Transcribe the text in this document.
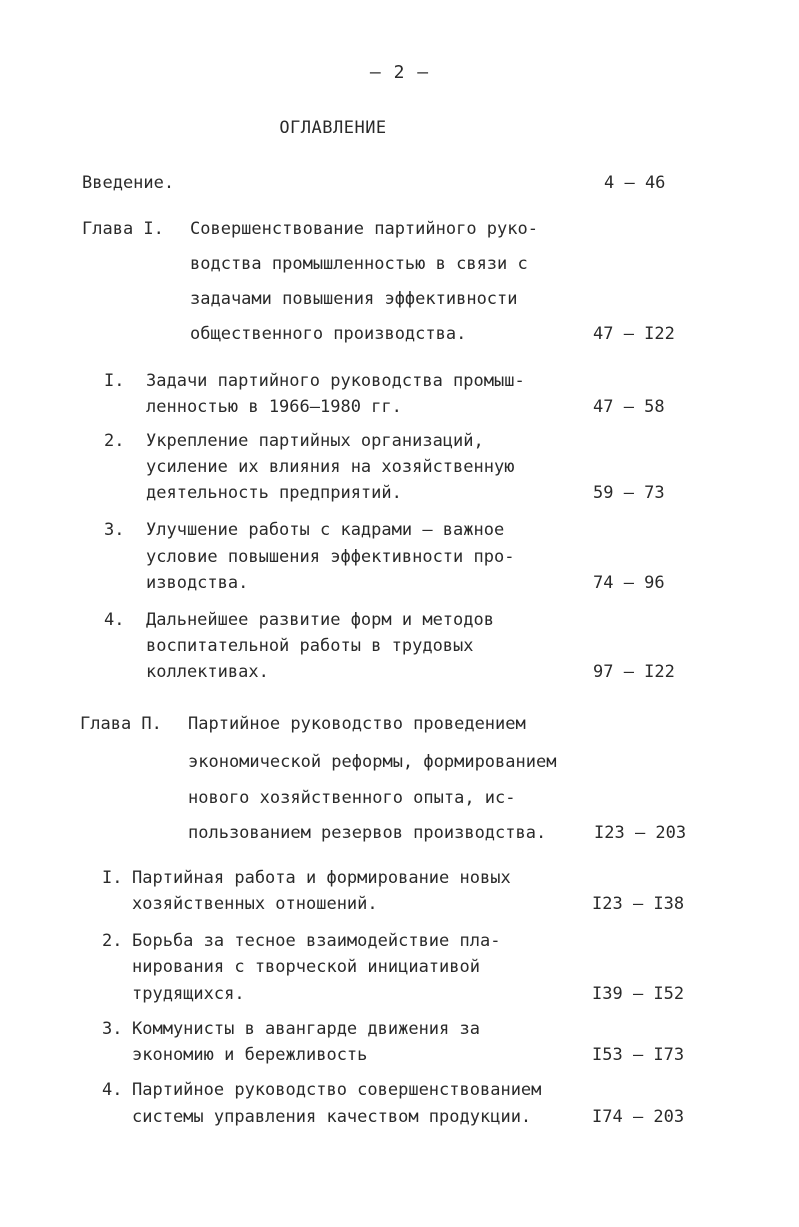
– 2 –
ОГЛАВЛЕНИЕ
Введение.	4 – 46
Глава I. Совершенствование партийного руко-
водства промышленностью в связи с
задачами повышения эффективности
общественного производства.	47 – I22
I. Задачи партийного руководства промыш-
ленностью в 1966–1980 гг.	47 – 58
2. Укрепление партийных организаций,
усиление их влияния на хозяйственную
деятельность предприятий.	59 – 73
3. Улучшение работы с кадрами – важное
условие повышения эффективности про-
изводства.	74 – 96
4. Дальнейшее развитие форм и методов
воспитательной работы в трудовых
коллективах.	97 – I22
Глава П. Партийное руководство проведением
экономической реформы, формированием
нового хозяйственного опыта, ис-
пользованием резервов производства.	I23 – 203
I. Партийная работа и формирование новых
хозяйственных отношений.	I23 – I38
2. Борьба за тесное взаимодействие пла-
нирования с творческой инициативой
трудящихся.	I39 – I52
3. Коммунисты в авангарде движения за
экономию и бережливость	I53 – I73
4. Партийное руководство совершенствованием
системы управления качеством продукции.	I74 – 203
